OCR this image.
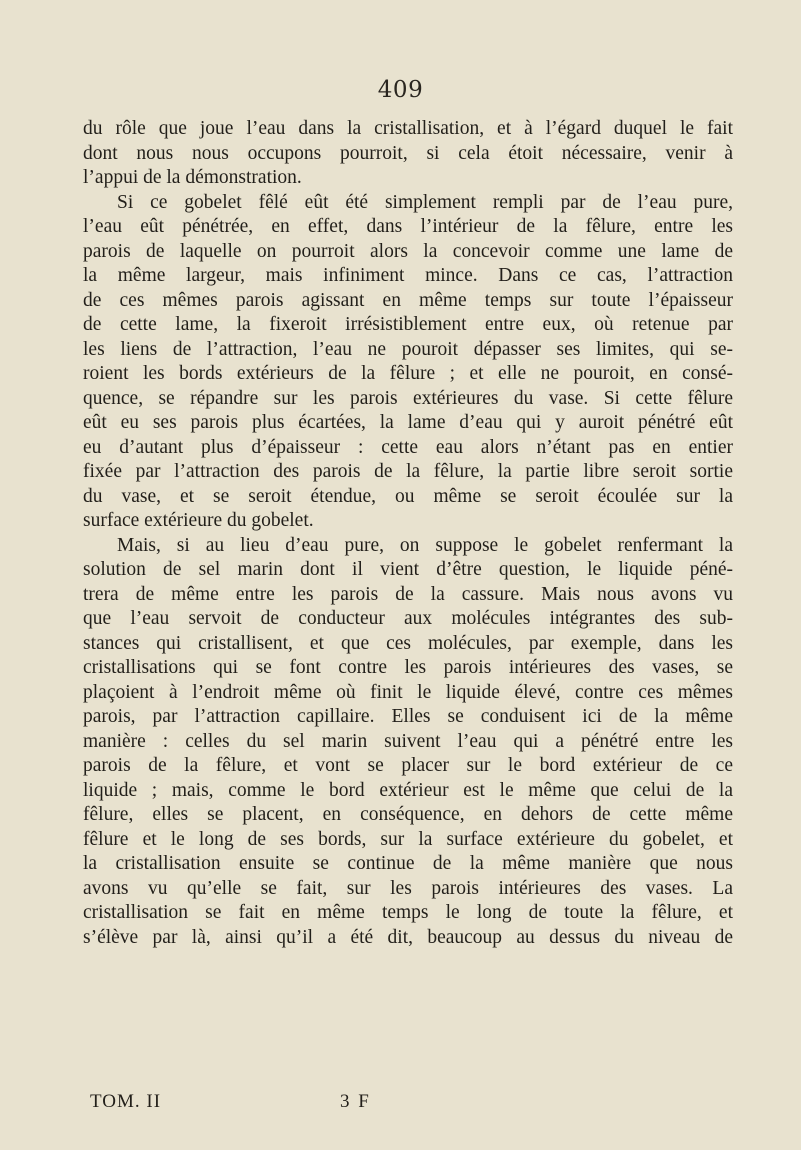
409
du rôle que joue l’eau dans la cristallisation, et à l’égard duquel le fait
dont nous nous occupons pourroit, si cela étoit nécessaire, venir à
l’appui de la démonstration.
Si ce gobelet fêlé eût été simplement rempli par de l’eau pure,
l’eau eût pénétrée, en effet, dans l’intérieur de la fêlure, entre les
parois de laquelle on pourroit alors la concevoir comme une lame de
la même largeur, mais infiniment mince. Dans ce cas, l’attraction
de ces mêmes parois agissant en même temps sur toute l’épaisseur
de cette lame, la fixeroit irrésistiblement entre eux, où retenue par
les liens de l’attraction, l’eau ne pouroit dépasser ses limites, qui se-
roient les bords extérieurs de la fêlure ; et elle ne pouroit, en consé-
quence, se répandre sur les parois extérieures du vase. Si cette fêlure
eût eu ses parois plus écartées, la lame d’eau qui y auroit pénétré eût
eu d’autant plus d’épaisseur : cette eau alors n’étant pas en entier
fixée par l’attraction des parois de la fêlure, la partie libre seroit sortie
du vase, et se seroit étendue, ou même se seroit écoulée sur la
surface extérieure du gobelet.
Mais, si au lieu d’eau pure, on suppose le gobelet renfermant la
solution de sel marin dont il vient d’être question, le liquide péné-
trera de même entre les parois de la cassure. Mais nous avons vu
que l’eau servoit de conducteur aux molécules intégrantes des sub-
stances qui cristallisent, et que ces molécules, par exemple, dans les
cristallisations qui se font contre les parois intérieures des vases, se
plaçoient à l’endroit même où finit le liquide élevé, contre ces mêmes
parois, par l’attraction capillaire. Elles se conduisent ici de la même
manière : celles du sel marin suivent l’eau qui a pénétré entre les
parois de la fêlure, et vont se placer sur le bord extérieur de ce
liquide ; mais, comme le bord extérieur est le même que celui de la
fêlure, elles se placent, en conséquence, en dehors de cette même
fêlure et le long de ses bords, sur la surface extérieure du gobelet, et
la cristallisation ensuite se continue de la même manière que nous
avons vu qu’elle se fait, sur les parois intérieures des vases. La
cristallisation se fait en même temps le long de toute la fêlure, et
s’élève par là, ainsi qu’il a été dit, beaucoup au dessus du niveau de
TOM. II	3 F
